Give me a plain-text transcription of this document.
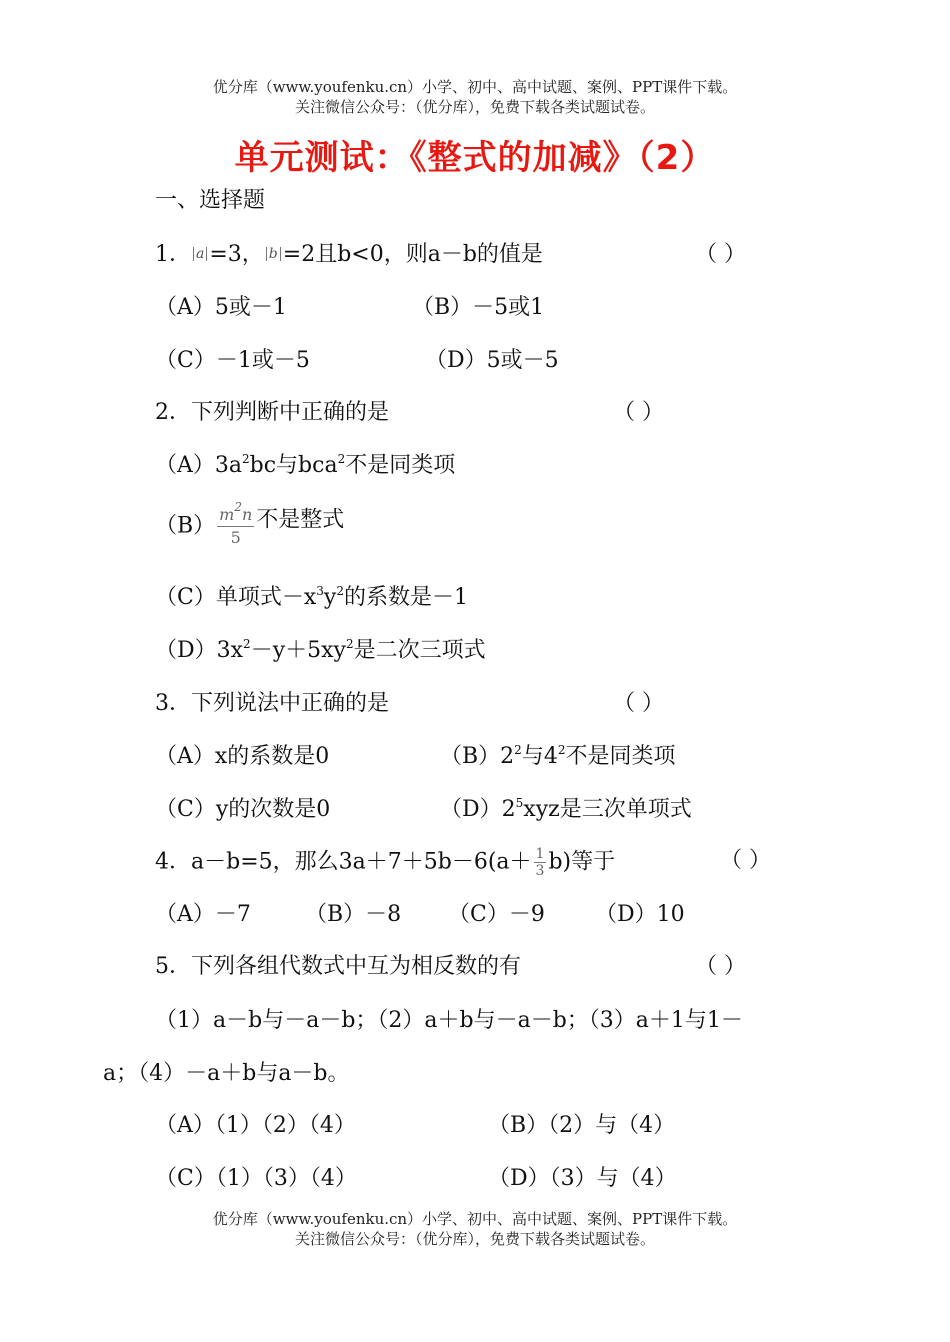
优分库（www.youfenku.cn）小学、初中、高中试题、案例、PPT课件下载。
关注微信公众号：（优分库），免费下载各类试题试卷。
单元测试：《整式的加减》（2）
一、选择题
1． a =3， b =2且b<0，则a－b的值是	（ ）
（A）5或－1	（B）－5或1
（C）－1或－5	（D）5或－5
2．下列判断中正确的是	（ ）
$(A)3a^2bc$与bca$^2$不是同类项
$(B) \frac{m^2n}{5}$ 不是整式
（C）单项式$-x^3y^2$的系数是－1
$(D)3x^2-y+5xy^2$是二次三项式
3．下列说法中正确的是	（ ）
（A）x的系数是0	$(B)2^2$与$4^2$不是同类项
（C）y的次数是0	$(D)2^5xyz$是三次单项式
4．a－b=5，那么$3a+7+5b-6(a+ \frac{1}{3} b)$等于	（ ）
（A）－7 （B）－8 （C）－9 （D）10
5．下列各组代数式中互为相反数的有	（ ）
（1）a－b与－a－b；（2）a＋b与－a－b；（3）a＋1与1－
a；（4）－a＋b与a－b。
（A）（1）（2）（4）	（B）（2）与（4）
（C）（1）（3）（4）	（D）（3）与（4）
优分库（www.youfenku.cn）小学、初中、高中试题、案例、PPT课件下载。
关注微信公众号：（优分库），免费下载各类试题试卷。
